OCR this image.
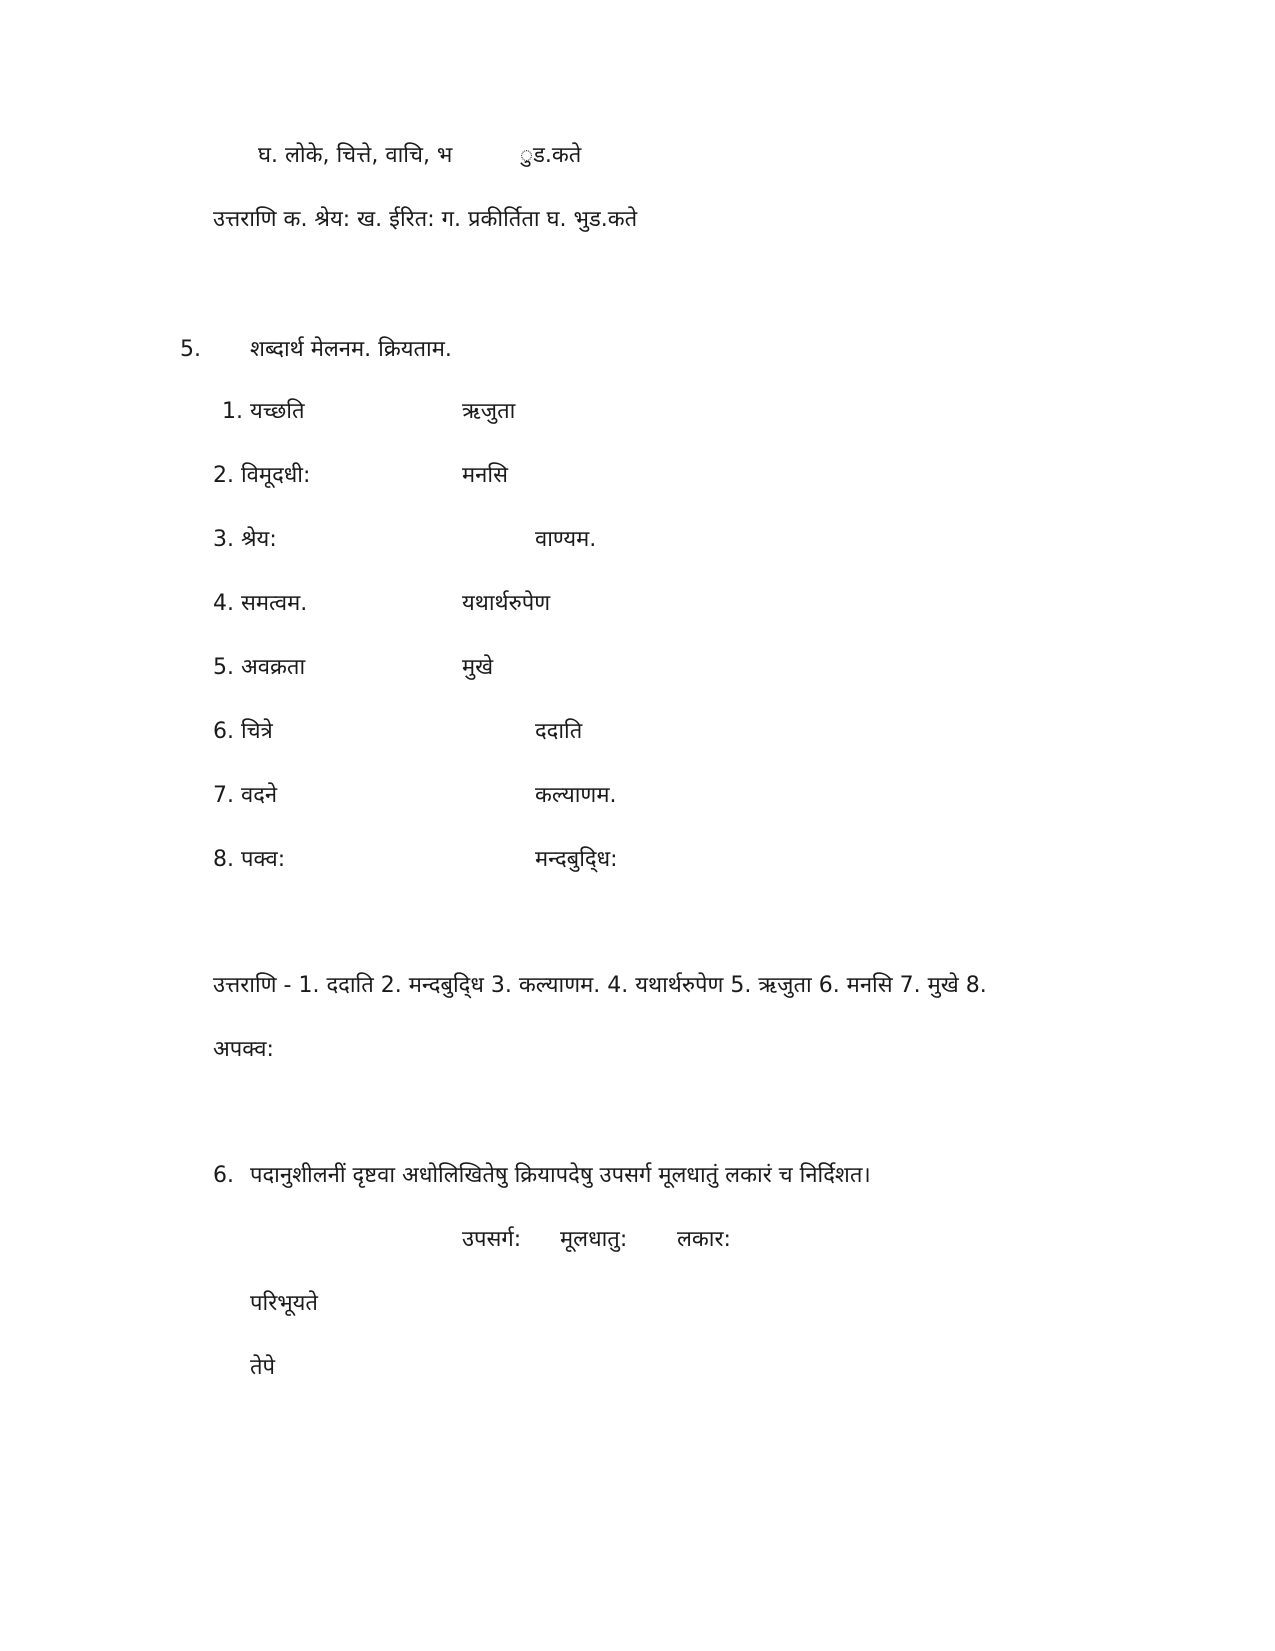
घ. लोके, चित्ते, वाचि, भ	ुड.कते
उत्तराणि क. श्रेय: ख. ईरित: ग. प्रकीर्तिता घ. भुड.कते
5. शब्दार्थ मेलनम. क्रियताम.
1. यच्छति	ऋजुता
2. विमूदधी:	मनसि
3. श्रेय:	वाण्यम.
4. समत्वम.	यथार्थरुपेण
5. अवक्रता	मुखे
6. चित्रे	ददाति
7. वदने	कल्याणम.
8. पक्व:	मन्दबुदि्ध:
उत्तराणि - 1. ददाति 2. मन्दबुदि्ध 3. कल्याणम. 4. यथार्थरुपेण 5. ऋजुता 6. मनसि 7. मुखे 8.
अपक्व:
6. पदानुशीलनीं दृष्टवा अधोलिखितेषु क्रियापदेषु उपसर्ग मूलधातुं लकारं च निर्दिशत।
उपसर्ग: मूलधातु: लकार:
परिभूयते
तेपे
